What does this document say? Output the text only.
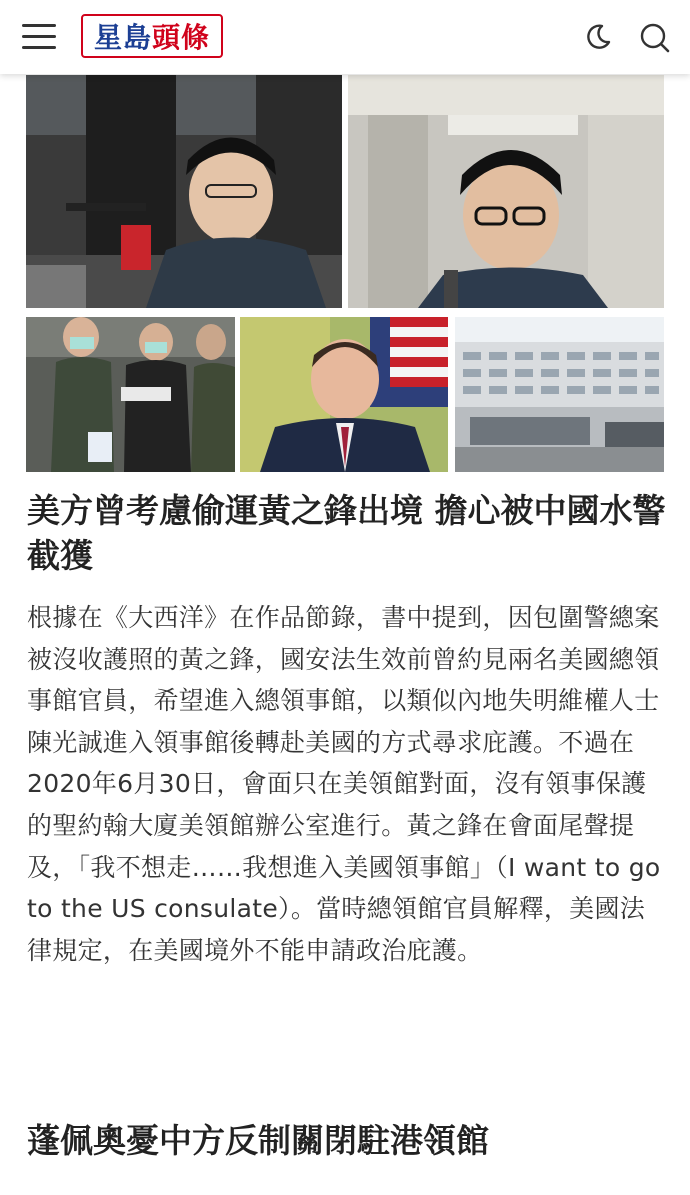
星島 頭條
美方曾考慮偷運黃之鋒出境 擔心被中國水警截獲

根據在《大西洋》在作品節錄，書中提到，因包圍警總案被沒收護照的黃之鋒，國安法生效前曾約見兩名美國總領事館官員，希望進入總領事館，以類似內地失明維權人士陳光誠進入領事館後轉赴美國的方式尋求庇護。不過在2020年6月30日，會面只在美領館對面，沒有領事保護的聖約翰大廈美領館辦公室進行。黃之鋒在會面尾聲提及，「我不想走……我想進入美國領事館」（I want to go to the US consulate）。當時總領館官員解釋，美國法律規定，在美國境外不能申請政治庇護。

蓬佩奧憂中方反制關閉駐港領館
